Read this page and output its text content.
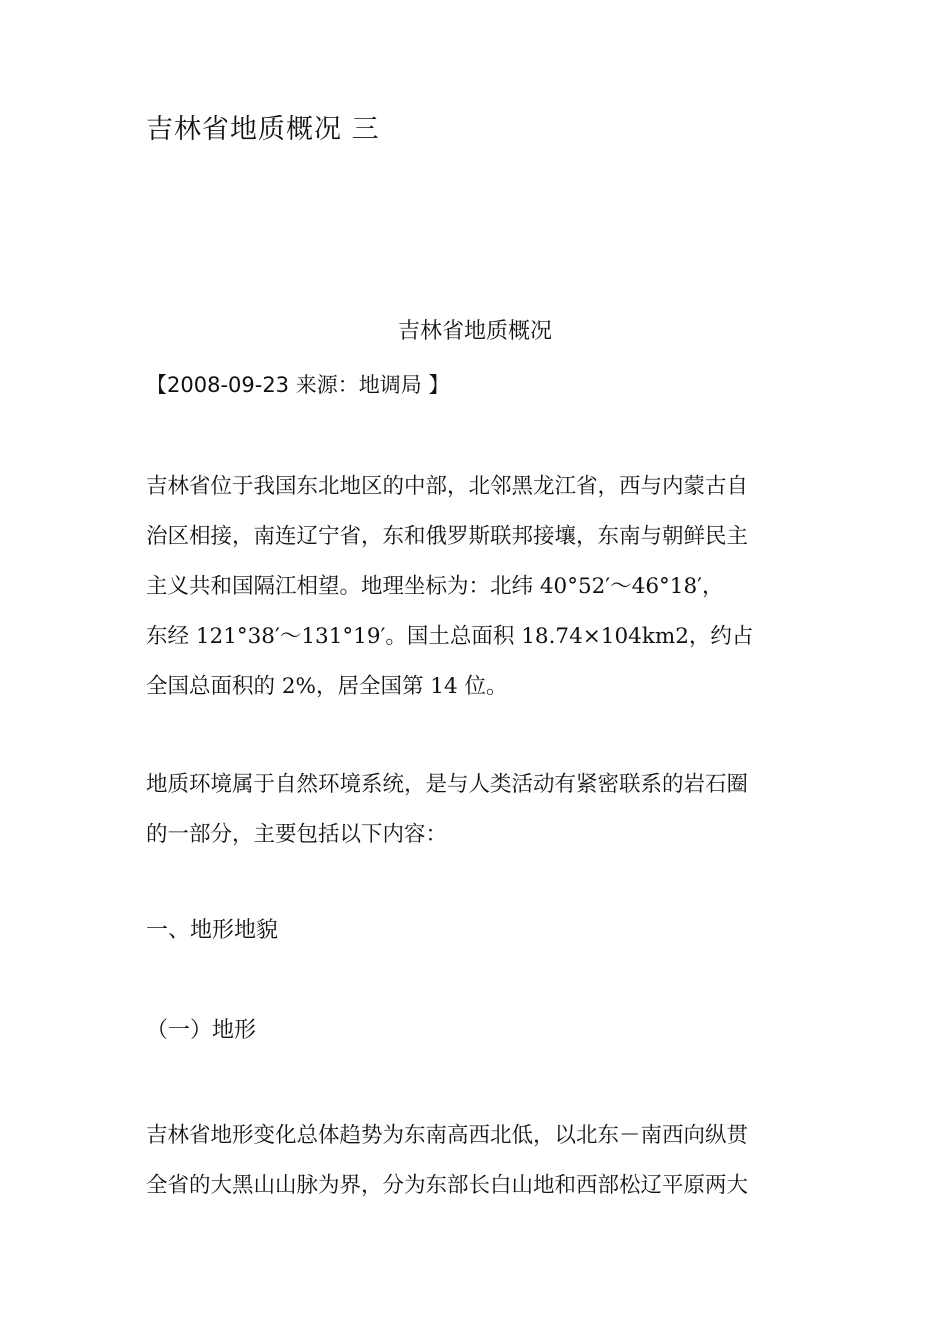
吉林省地质概况 三
吉林省地质概况
【2008-09-23 来源：地调局 】
吉林省位于我国东北地区的中部，北邻黑龙江省，西与内蒙古自
治区相接，南连辽宁省，东和俄罗斯联邦接壤，东南与朝鲜民主
主义共和国隔江相望。地理坐标为：北纬 40°52′～46°18′，
东经 121°38′～131°19′。国土总面积 18.74×104km2，约占
全国总面积的 2%，居全国第 14 位。
地质环境属于自然环境系统，是与人类活动有紧密联系的岩石圈
的一部分，主要包括以下内容：
一、地形地貌
（一）地形
吉林省地形变化总体趋势为东南高西北低，以北东－南西向纵贯
全省的大黑山山脉为界，分为东部长白山地和西部松辽平原两大
